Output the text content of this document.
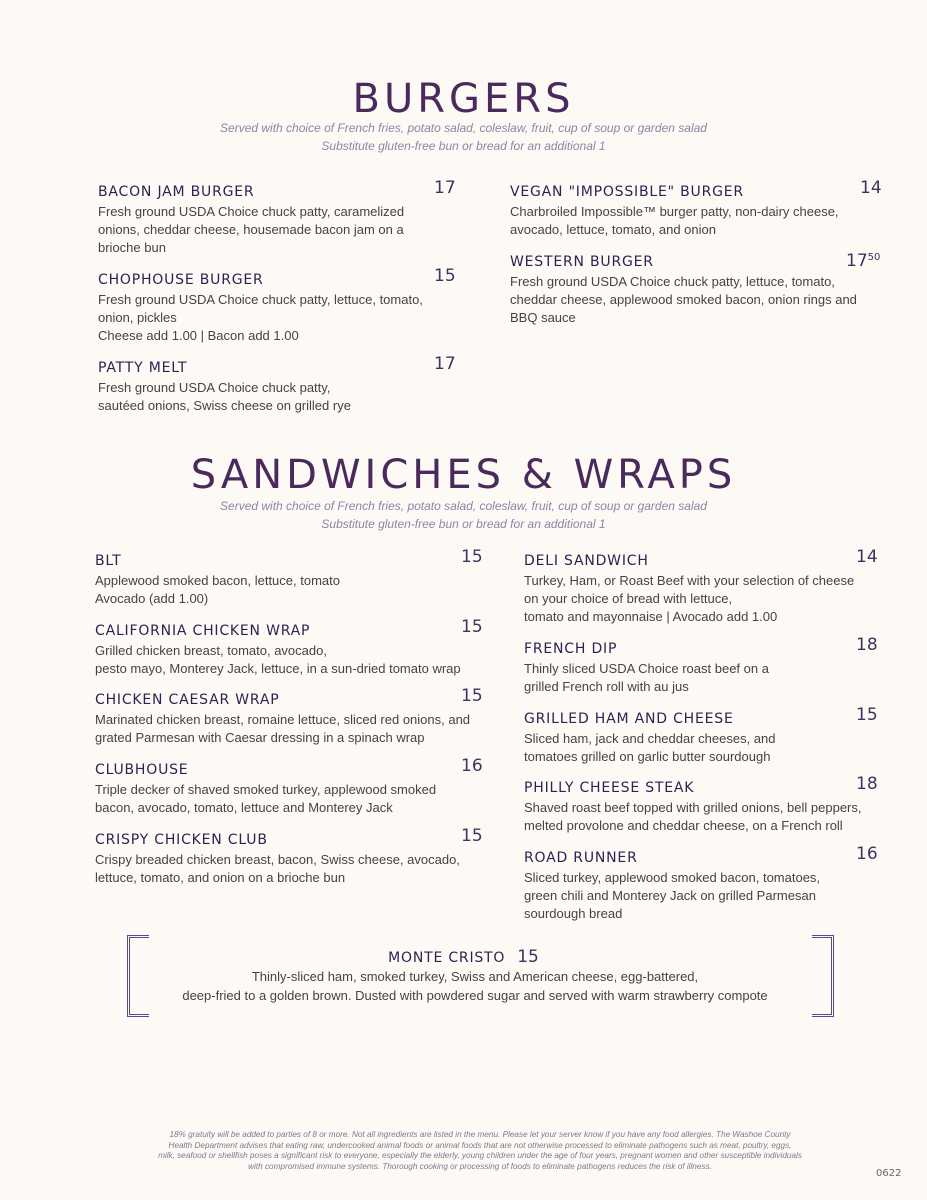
BURGERS
Served with choice of French fries, potato salad, coleslaw, fruit, cup of soup or garden salad
Substitute gluten-free bun or bread for an additional 1
BACON JAM BURGER	17
Fresh ground USDA Choice chuck patty, caramelized
onions, cheddar cheese, housemade bacon jam on a
brioche bun
CHOPHOUSE BURGER	15
Fresh ground USDA Choice chuck patty, lettuce, tomato,
onion, pickles
Cheese add 1.00 | Bacon add 1.00
PATTY MELT	17
Fresh ground USDA Choice chuck patty,
sautéed onions, Swiss cheese on grilled rye
VEGAN "IMPOSSIBLE" BURGER	14
Charbroiled Impossible™ burger patty, non-dairy cheese,
avocado, lettuce, tomato, and onion
WESTERN BURGER	$17^{50}$
Fresh ground USDA Choice chuck patty, lettuce, tomato,
cheddar cheese, applewood smoked bacon, onion rings and
BBQ sauce
SANDWICHES & WRAPS
Served with choice of French fries, potato salad, coleslaw, fruit, cup of soup or garden salad
Substitute gluten-free bun or bread for an additional 1
BLT	15
Applewood smoked bacon, lettuce, tomato
Avocado (add 1.00)
CALIFORNIA CHICKEN WRAP	15
Grilled chicken breast, tomato, avocado,
pesto mayo, Monterey Jack, lettuce, in a sun-dried tomato wrap
CHICKEN CAESAR WRAP	15
Marinated chicken breast, romaine lettuce, sliced red onions, and
grated Parmesan with Caesar dressing in a spinach wrap
CLUBHOUSE	16
Triple decker of shaved smoked turkey, applewood smoked
bacon, avocado, tomato, lettuce and Monterey Jack
CRISPY CHICKEN CLUB	15
Crispy breaded chicken breast, bacon, Swiss cheese, avocado,
lettuce, tomato, and onion on a brioche bun
DELI SANDWICH	14
Turkey, Ham, or Roast Beef with your selection of cheese
on your choice of bread with lettuce,
tomato and mayonnaise | Avocado add 1.00
FRENCH DIP	18
Thinly sliced USDA Choice roast beef on a
grilled French roll with au jus
GRILLED HAM AND CHEESE	15
Sliced ham, jack and cheddar cheeses, and
tomatoes grilled on garlic butter sourdough
PHILLY CHEESE STEAK	18
Shaved roast beef topped with grilled onions, bell peppers,
melted provolone and cheddar cheese, on a French roll
ROAD RUNNER	16
Sliced turkey, applewood smoked bacon, tomatoes,
green chili and Monterey Jack on grilled Parmesan
sourdough bread
MONTE CRISTO 15
Thinly-sliced ham, smoked turkey, Swiss and American cheese, egg-battered,
deep-fried to a golden brown. Dusted with powdered sugar and served with warm strawberry compote
18% gratuity will be added to parties of 8 or more. Not all ingredients are listed in the menu. Please let your server know if you have any food allergies. The Washoe County
Health Department advises that eating raw, undercooked animal foods or animal foods that are not otherwise processed to eliminate pathogens such as meat, poultry, eggs,
milk, seafood or shellfish poses a significant risk to everyone, especially the elderly, young children under the age of four years, pregnant women and other susceptible individuals
with compromised immune systems. Thorough cooking or processing of foods to eliminate pathogens reduces the risk of illness.
0622
